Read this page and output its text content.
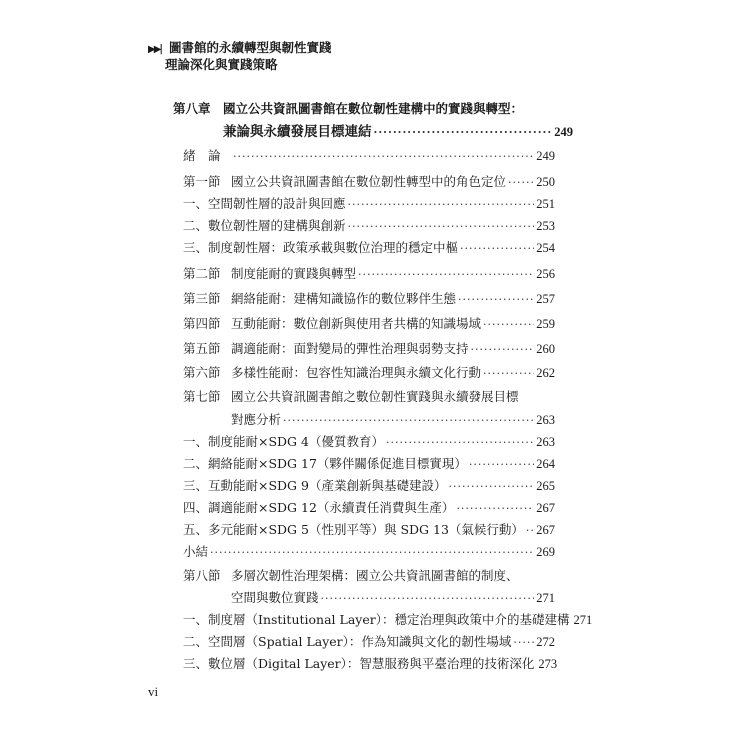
▶▶| 圖書館的永續轉型與韌性實踐
理論深化與實踐策略
第八章 國立公共資訊圖書館在數位韌性建構中的實踐與轉型：
兼論與永續發展目標連結 ·····	249
緒　論 ·····	249
第一節 國立公共資訊圖書館在數位韌性轉型中的角色定位 ····· 250
一、空間韌性層的設計與回應 ·····	251
二、數位韌性層的建構與創新 ·····	253
三、制度韌性層：政策承載與數位治理的穩定中樞 ·····	254
第二節 制度能耐的實踐與轉型 ·····	256
第三節 網絡能耐：建構知識協作的數位夥伴生態 ·····	257
第四節 互動能耐：數位創新與使用者共構的知識場域 ·····	259
第五節 調適能耐：面對變局的彈性治理與弱勢支持 ·····	260
第六節 多樣性能耐：包容性知識治理與永續文化行動 ·····	262
第七節 國立公共資訊圖書館之數位韌性實踐與永續發展目標
對應分析 ·····	263
一、制度能耐×SDG 4（優質教育） ·····	263
二、網絡能耐×SDG 17（夥伴關係促進目標實現） ·····	264
三、互動能耐×SDG 9（產業創新與基礎建設） ·····	265
四、調適能耐×SDG 12（永續責任消費與生產） ·····	267
五、多元能耐×SDG 5（性別平等）與 SDG 13（氣候行動） ····· 267
小結 ·····	269
第八節 多層次韌性治理架構：國立公共資訊圖書館的制度、
空間與數位實踐 ·····	271
一、制度層（Institutional Layer）：穩定治理與政策中介的基礎建構 271
二、空間層（Spatial Layer）：作為知識與文化的韌性場域 ····· 272
三、數位層（Digital Layer）：智慧服務與平臺治理的技術深化 273
vi
